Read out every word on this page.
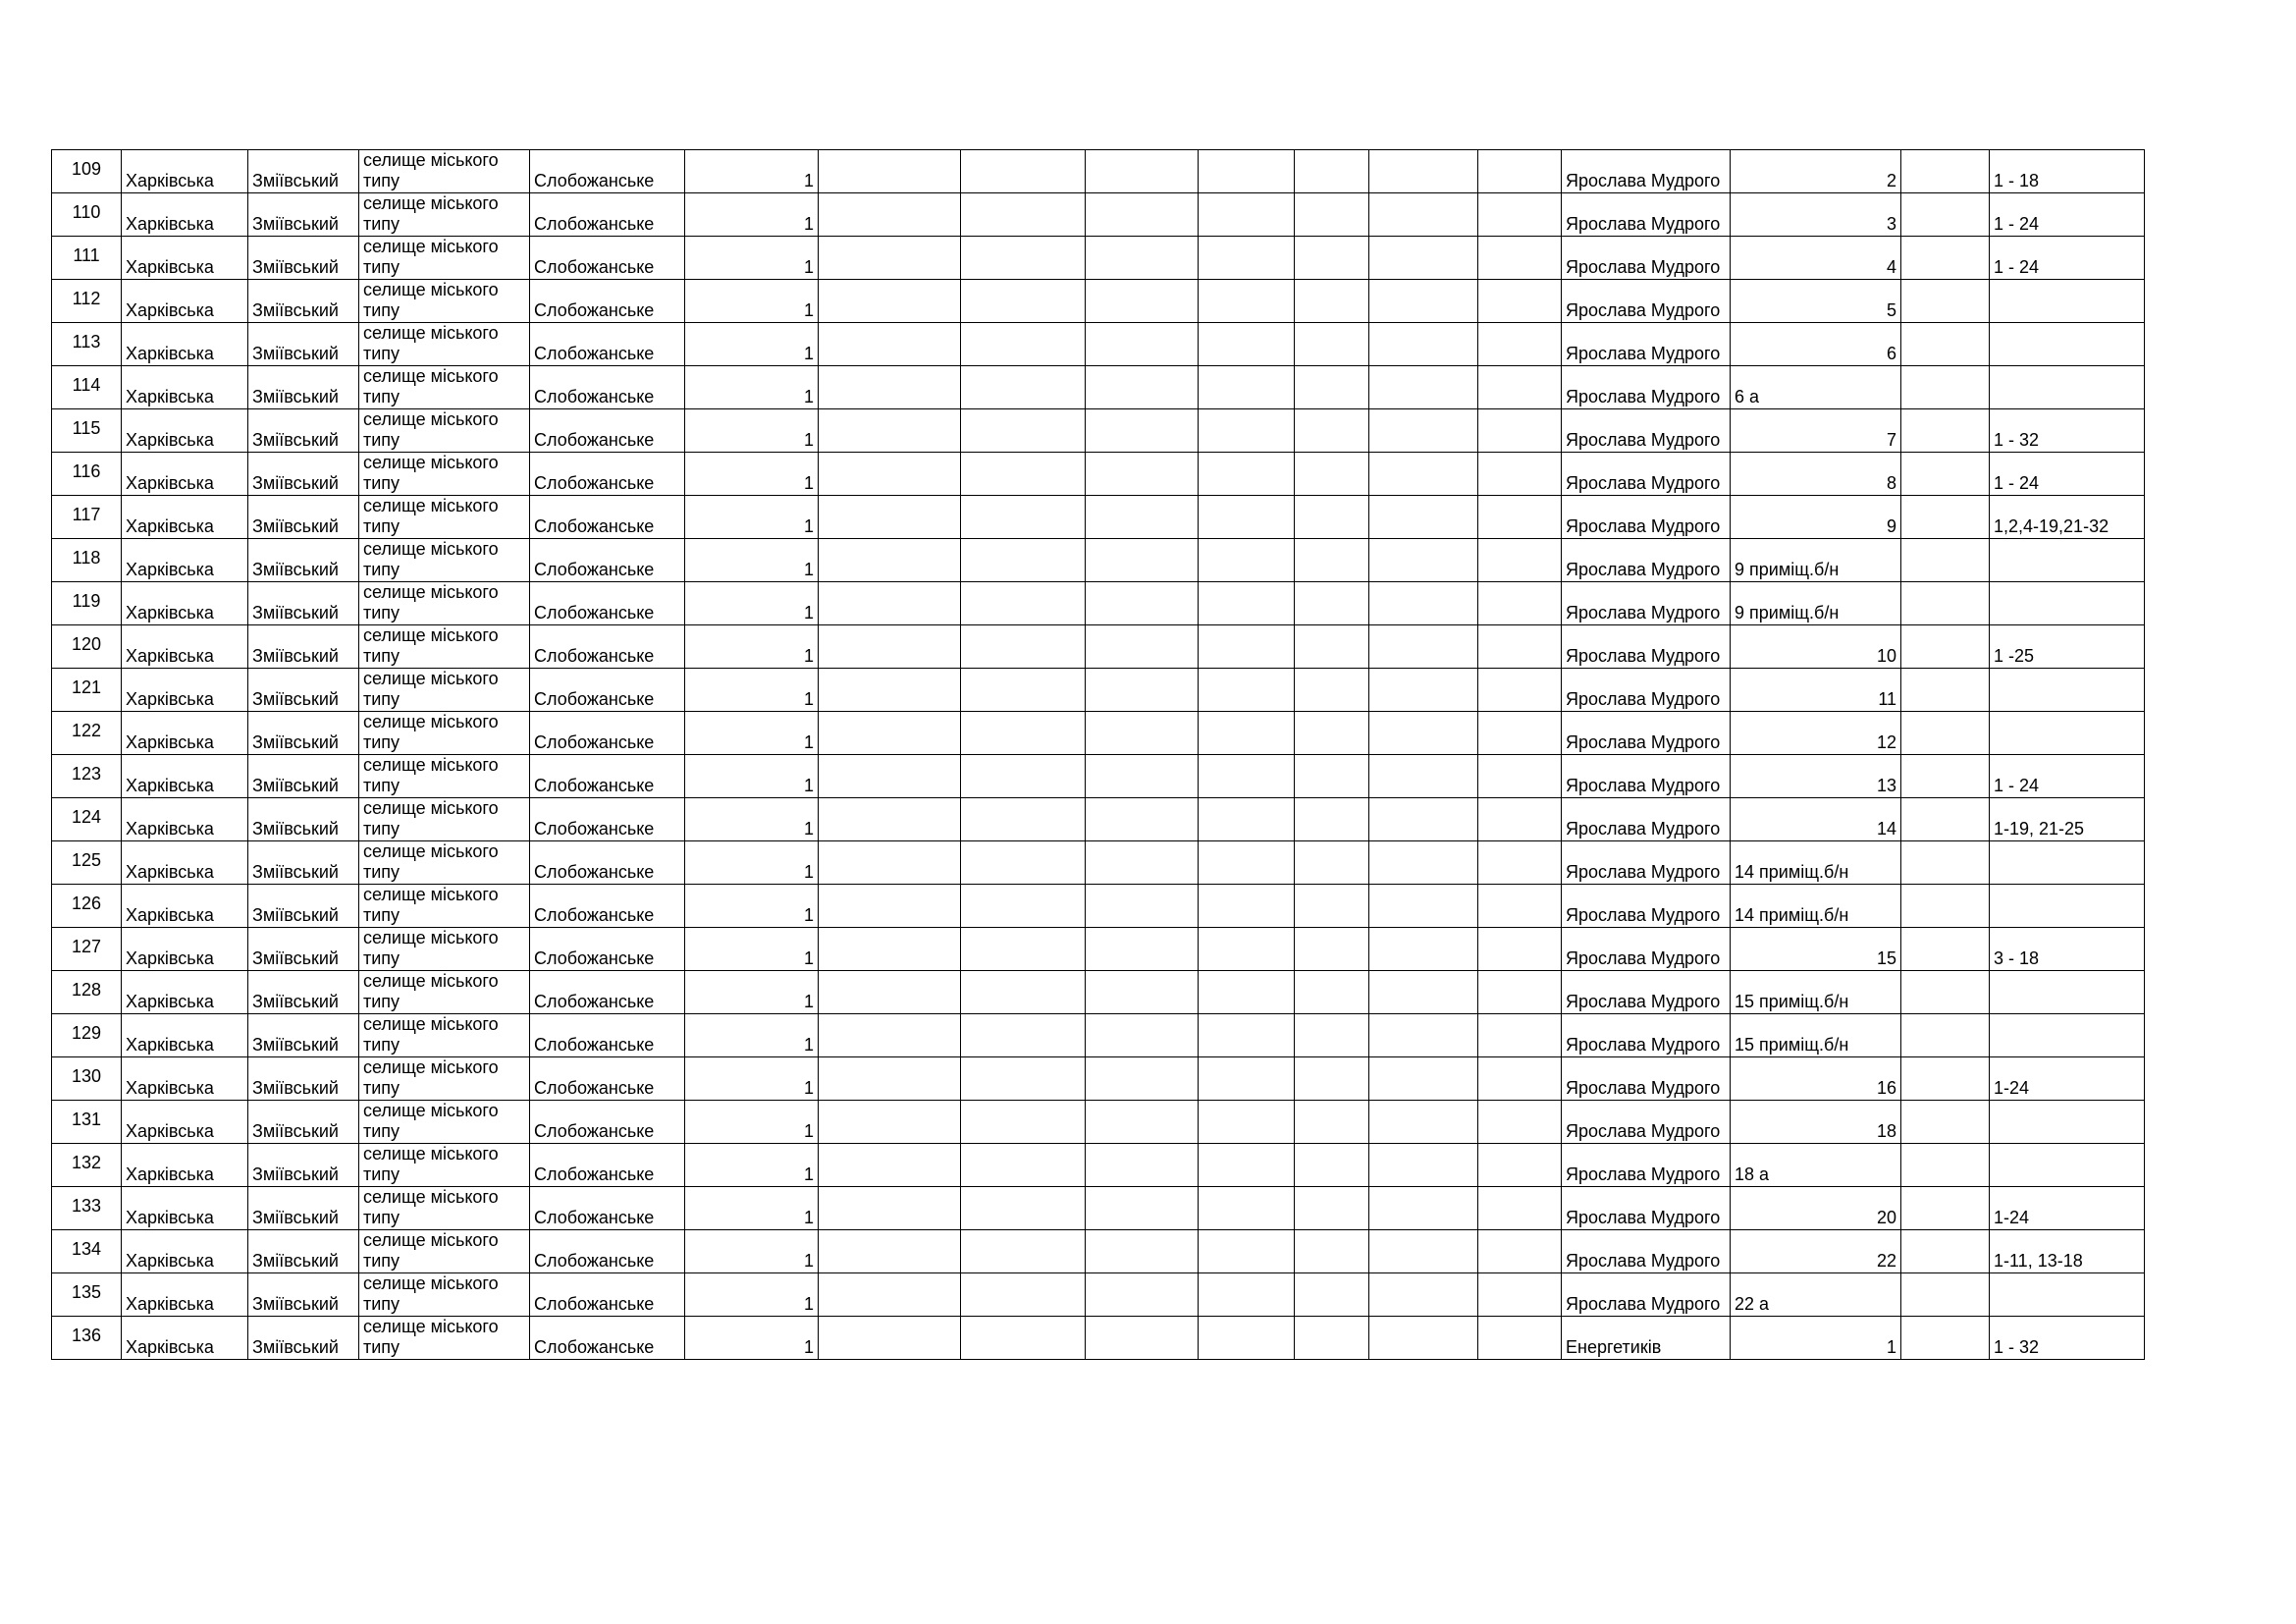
109	Харківська	Зміївський	селище міського типу	Слобожанське	1								Ярослава Мудрого	2		1 - 18
110	Харківська	Зміївський	селище міського типу	Слобожанське	1								Ярослава Мудрого	3		1 - 24
111	Харківська	Зміївський	селище міського типу	Слобожанське	1								Ярослава Мудрого	4		1 - 24
112	Харківська	Зміївський	селище міського типу	Слобожанське	1								Ярослава Мудрого	5		
113	Харківська	Зміївський	селище міського типу	Слобожанське	1								Ярослава Мудрого	6		
114	Харківська	Зміївський	селище міського типу	Слобожанське	1								Ярослава Мудрого	6 а		
115	Харківська	Зміївський	селище міського типу	Слобожанське	1								Ярослава Мудрого	7		1 - 32
116	Харківська	Зміївський	селище міського типу	Слобожанське	1								Ярослава Мудрого	8		1 - 24
117	Харківська	Зміївський	селище міського типу	Слобожанське	1								Ярослава Мудрого	9		1,2,4-19,21-32
118	Харківська	Зміївський	селище міського типу	Слобожанське	1								Ярослава Мудрого	9 приміщ.б/н		
119	Харківська	Зміївський	селище міського типу	Слобожанське	1								Ярослава Мудрого	9 приміщ.б/н		
120	Харківська	Зміївський	селище міського типу	Слобожанське	1								Ярослава Мудрого	10		1 -25
121	Харківська	Зміївський	селище міського типу	Слобожанське	1								Ярослава Мудрого	11		
122	Харківська	Зміївський	селище міського типу	Слобожанське	1								Ярослава Мудрого	12		
123	Харківська	Зміївський	селище міського типу	Слобожанське	1								Ярослава Мудрого	13		1 - 24
124	Харківська	Зміївський	селище міського типу	Слобожанське	1								Ярослава Мудрого	14		1-19, 21-25
125	Харківська	Зміївський	селище міського типу	Слобожанське	1								Ярослава Мудрого	14 приміщ.б/н		
126	Харківська	Зміївський	селище міського типу	Слобожанське	1								Ярослава Мудрого	14 приміщ.б/н		
127	Харківська	Зміївський	селище міського типу	Слобожанське	1								Ярослава Мудрого	15		3 - 18
128	Харківська	Зміївський	селище міського типу	Слобожанське	1								Ярослава Мудрого	15 приміщ.б/н		
129	Харківська	Зміївський	селище міського типу	Слобожанське	1								Ярослава Мудрого	15 приміщ.б/н		
130	Харківська	Зміївський	селище міського типу	Слобожанське	1								Ярослава Мудрого	16		1-24
131	Харківська	Зміївський	селище міського типу	Слобожанське	1								Ярослава Мудрого	18		
132	Харківська	Зміївський	селище міського типу	Слобожанське	1								Ярослава Мудрого	18 а		
133	Харківська	Зміївський	селище міського типу	Слобожанське	1								Ярослава Мудрого	20		1-24
134	Харківська	Зміївський	селище міського типу	Слобожанське	1								Ярослава Мудрого	22		1-11, 13-18
135	Харківська	Зміївський	селище міського типу	Слобожанське	1								Ярослава Мудрого	22 а		
136	Харківська	Зміївський	селище міського типу	Слобожанське	1								Енергетиків	1		1 - 32
